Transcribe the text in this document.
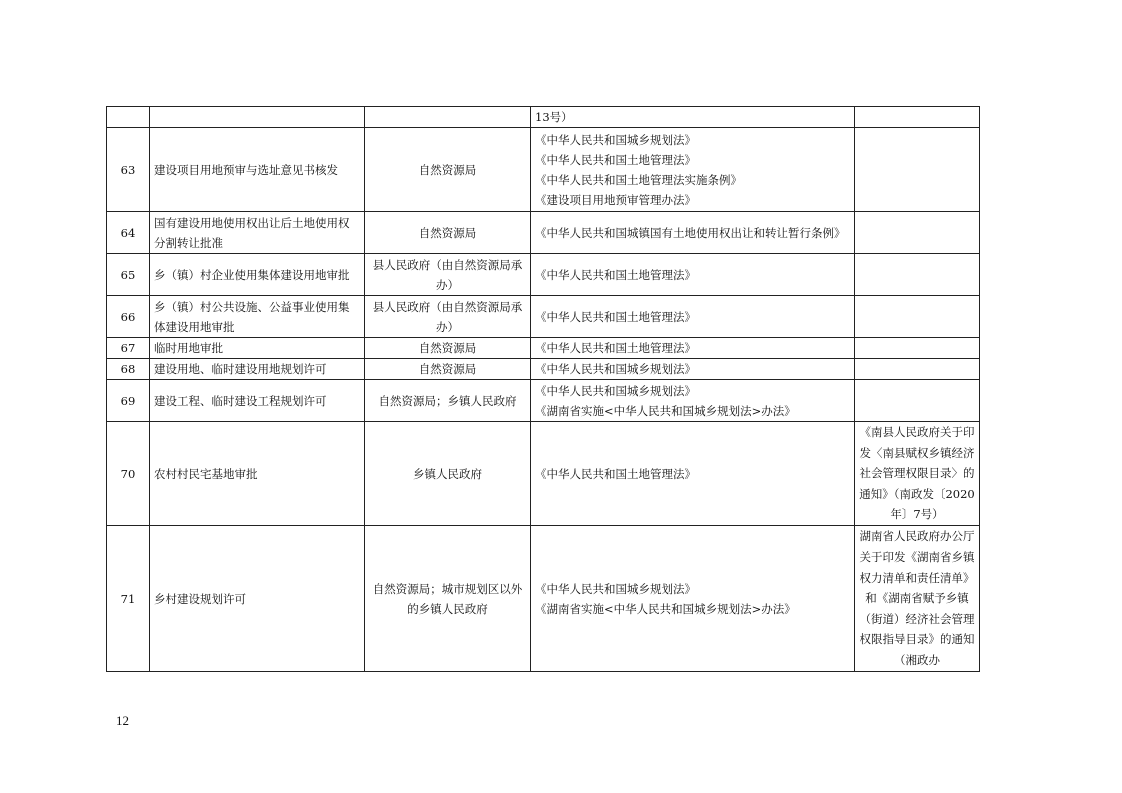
			13号）	

63	建设项目用地预审与选址意见书核发	自然资源局	《中华人民共和国城乡规划法》
《中华人民共和国土地管理法》
《中华人民共和国土地管理法实施条例》
《建设项目用地预审管理办法》	

64	国有建设用地使用权出让后土地使用权分割转让批准	自然资源局	《中华人民共和国城镇国有土地使用权出让和转让暂行条例》	

65	乡（镇）村企业使用集体建设用地审批	县人民政府（由自然资源局承办）	《中华人民共和国土地管理法》	

66	乡（镇）村公共设施、公益事业使用集体建设用地审批	县人民政府（由自然资源局承办）	《中华人民共和国土地管理法》	

67	临时用地审批	自然资源局	《中华人民共和国土地管理法》	

68	建设用地、临时建设用地规划许可	自然资源局	《中华人民共和国城乡规划法》	

69	建设工程、临时建设工程规划许可	自然资源局；乡镇人民政府	《中华人民共和国城乡规划法》
《湖南省实施<中华人民共和国城乡规划法>办法》	

70	农村村民宅基地审批	乡镇人民政府	《中华人民共和国土地管理法》	《南县人民政府关于印发〈南县赋权乡镇经济社会管理权限目录〉的通知》（南政发〔2020年〕7号）

71	乡村建设规划许可	自然资源局；城市规划区以外的乡镇人民政府	《中华人民共和国城乡规划法》
《湖南省实施<中华人民共和国城乡规划法>办法》	湖南省人民政府办公厅关于印发《湖南省乡镇权力清单和责任清单》和《湖南省赋予乡镇（街道）经济社会管理权限指导目录》的通知（湘政办
12
